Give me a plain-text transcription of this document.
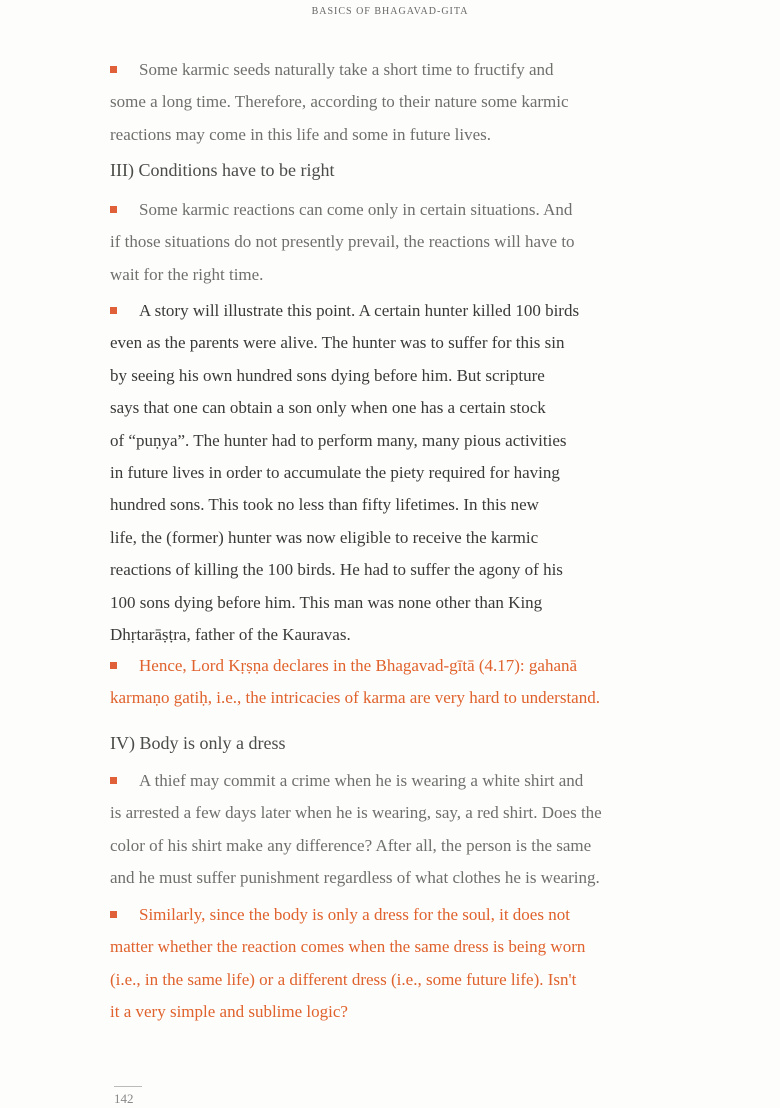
BASICS OF BHAGAVAD-GITA
Some karmic seeds naturally take a short time to fructify and
some a long time. Therefore, according to their nature some karmic
reactions may come in this life and some in future lives.
III) Conditions have to be right
Some karmic reactions can come only in certain situations. And
if those situations do not presently prevail, the reactions will have to
wait for the right time.
A story will illustrate this point. A certain hunter killed 100 birds
even as the parents were alive. The hunter was to suffer for this sin
by seeing his own hundred sons dying before him. But scripture
says that one can obtain a son only when one has a certain stock
of “puṇya”. The hunter had to perform many, many pious activities
in future lives in order to accumulate the piety required for having
hundred sons. This took no less than fifty lifetimes. In this new
life, the (former) hunter was now eligible to receive the karmic
reactions of killing the 100 birds. He had to suffer the agony of his
100 sons dying before him. This man was none other than King
Dhṛtarāṣṭra, father of the Kauravas.
Hence, Lord Kṛṣṇa declares in the Bhagavad-gītā (4.17): gahanā
karmaṇo gatiḥ, i.e., the intricacies of karma are very hard to understand.
IV) Body is only a dress
A thief may commit a crime when he is wearing a white shirt and
is arrested a few days later when he is wearing, say, a red shirt. Does the
color of his shirt make any difference? After all, the person is the same
and he must suffer punishment regardless of what clothes he is wearing.
Similarly, since the body is only a dress for the soul, it does not
matter whether the reaction comes when the same dress is being worn
(i.e., in the same life) or a different dress (i.e., some future life). Isn't
it a very simple and sublime logic?
142
